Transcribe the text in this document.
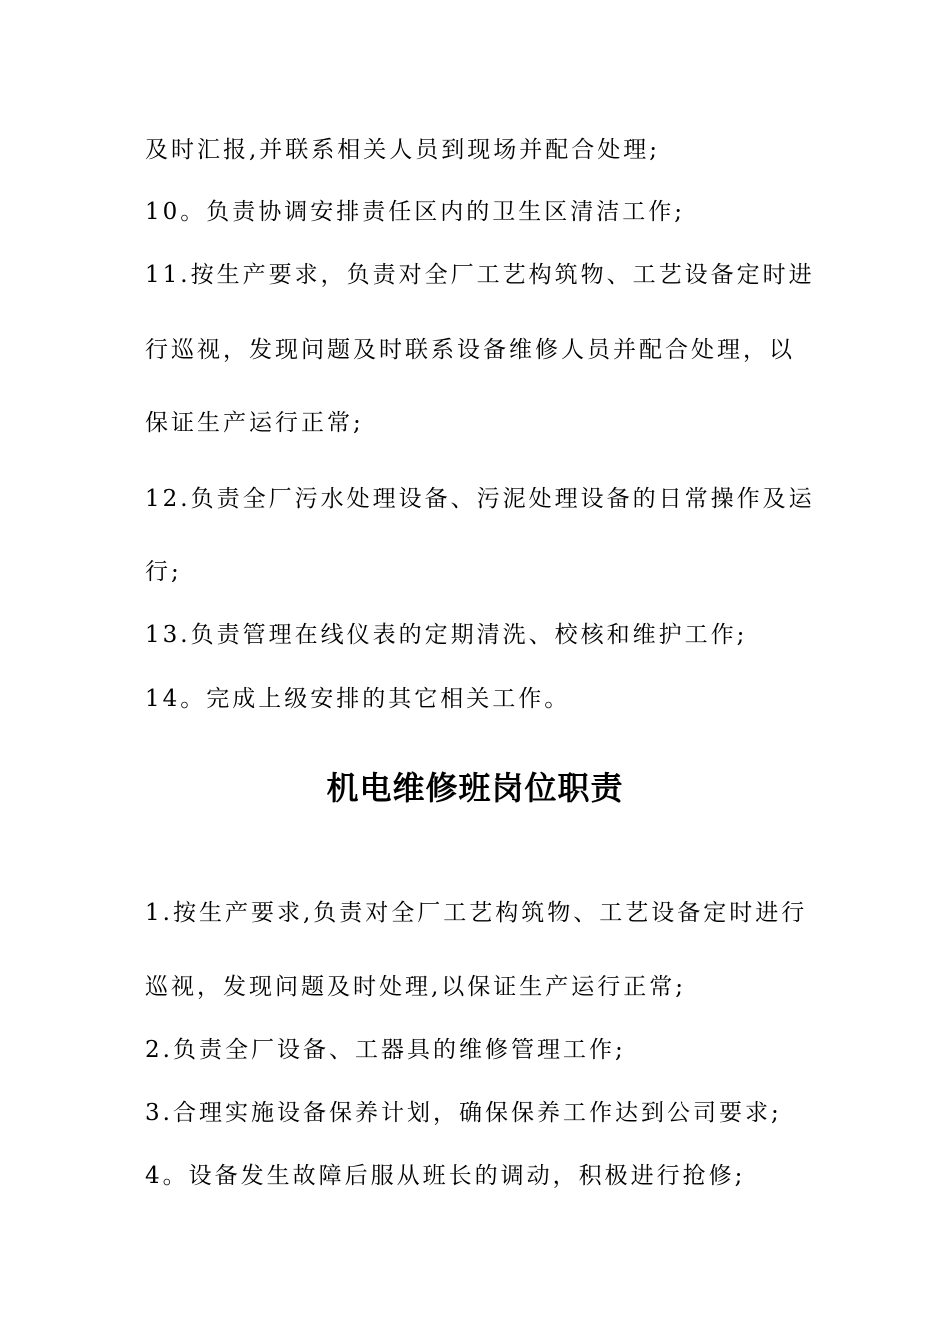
及时汇报,并联系相关人员到现场并配合处理;
10。负责协调安排责任区内的卫生区清洁工作;
11.按生产要求，负责对全厂工艺构筑物、工艺设备定时进
行巡视，发现问题及时联系设备维修人员并配合处理，以
保证生产运行正常;
12.负责全厂污水处理设备、污泥处理设备的日常操作及运
行;
13.负责管理在线仪表的定期清洗、校核和维护工作;
14。完成上级安排的其它相关工作。
机电维修班岗位职责
1.按生产要求,负责对全厂工艺构筑物、工艺设备定时进行
巡视，发现问题及时处理,以保证生产运行正常;
2.负责全厂设备、工器具的维修管理工作;
3.合理实施设备保养计划，确保保养工作达到公司要求;
4。设备发生故障后服从班长的调动，积极进行抢修;
